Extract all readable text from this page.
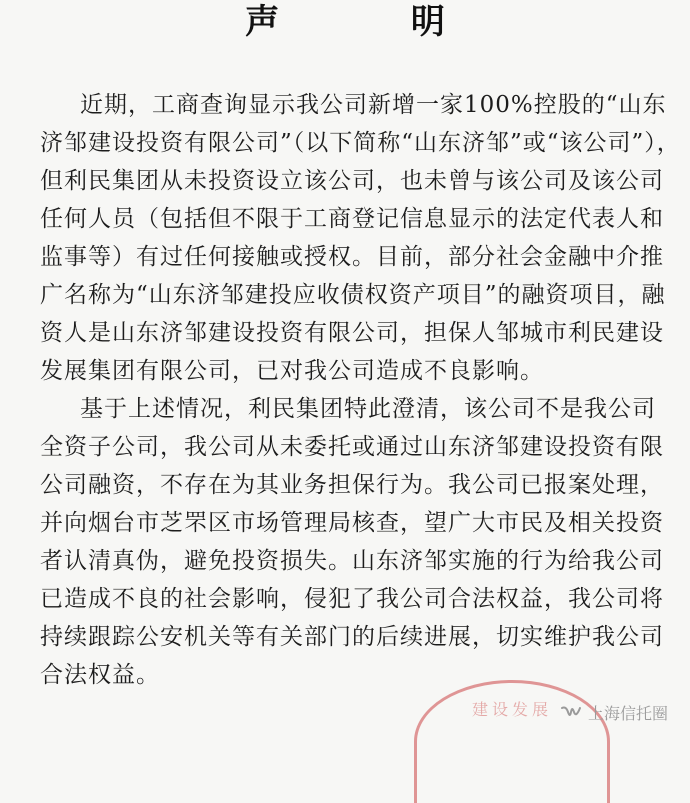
声 明
近期，工商查询显示我公司新增一家100%控股的“山东
济邹建设投资有限公司”（以下简称“山东济邹”或“该公司”），
但利民集团从未投资设立该公司，也未曾与该公司及该公司
任何人员（包括但不限于工商登记信息显示的法定代表人和
监事等）有过任何接触或授权。目前，部分社会金融中介推
广名称为“山东济邹建投应收债权资产项目”的融资项目，融
资人是山东济邹建设投资有限公司，担保人邹城市利民建设
发展集团有限公司，已对我公司造成不良影响。
基于上述情况，利民集团特此澄清，该公司不是我公司
全资子公司，我公司从未委托或通过山东济邹建设投资有限
公司融资，不存在为其业务担保行为。我公司已报案处理，
并向烟台市芝罘区市场管理局核查，望广大市民及相关投资
者认清真伪，避免投资损失。山东济邹实施的行为给我公司
已造成不良的社会影响，侵犯了我公司合法权益，我公司将
持续跟踪公安机关等有关部门的后续进展，切实维护我公司
合法权益。
建设发展	上海信托圈
